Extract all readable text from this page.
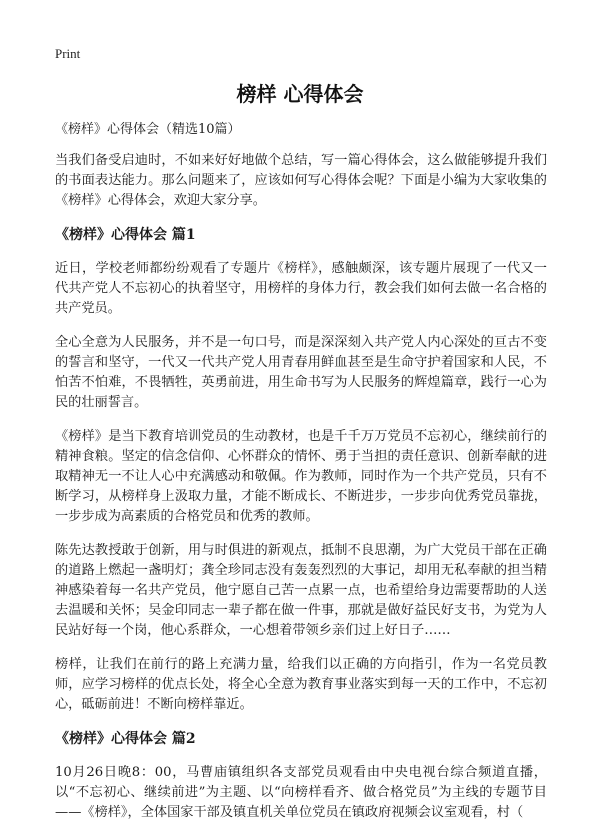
Print
榜样 心得体会
《榜样》心得体会（精选10篇）

当我们备受启迪时，不如来好好地做个总结，写一篇心得体会，这么做能够提升我们的书面表达能力。那么问题来了，应该如何写心得体会呢？下面是小编为大家收集的《榜样》心得体会，欢迎大家分享。

《榜样》心得体会 篇1

近日，学校老师都纷纷观看了专题片《榜样》，感触颇深，该专题片展现了一代又一代共产党人不忘初心的执着坚守，用榜样的身体力行，教会我们如何去做一名合格的共产党员。

全心全意为人民服务，并不是一句口号，而是深深刻入共产党人内心深处的亘古不变的誓言和坚守，一代又一代共产党人用青春用鲜血甚至是生命守护着国家和人民，不怕苦不怕难，不畏牺牲，英勇前进，用生命书写为人民服务的辉煌篇章，践行一心为民的壮丽誓言。

《榜样》是当下教育培训党员的生动教材，也是千千万万党员不忘初心，继续前行的精神食粮。坚定的信念信仰、心怀群众的情怀、勇于当担的责任意识、创新奉献的进取精神无一不让人心中充满感动和敬佩。作为教师，同时作为一个共产党员，只有不断学习，从榜样身上汲取力量，才能不断成长、不断进步，一步步向优秀党员靠拢，一步步成为高素质的合格党员和优秀的教师。

陈先达教授敢于创新，用与时俱进的新观点，抵制不良思潮，为广大党员干部在正确的道路上燃起一盏明灯；龚全珍同志没有轰轰烈烈的大事记，却用无私奉献的担当精神感染着每一名共产党员，他宁愿自己苦一点累一点，也希望给身边需要帮助的人送去温暖和关怀；吴金印同志一辈子都在做一件事，那就是做好益民好支书，为党为人民站好每一个岗，他心系群众，一心想着带领乡亲们过上好日子……

榜样，让我们在前行的路上充满力量，给我们以正确的方向指引，作为一名党员教师，应学习榜样的优点长处，将全心全意为教育事业落实到每一天的工作中，不忘初心，砥砺前进！不断向榜样靠近。

《榜样》心得体会 篇2

10月26日晚8：00，马曹庙镇组织各支部党员观看由中央电视台综合频道直播，以“不忘初心、继续前进”为主题、以“向榜样看齐、做合格党员”为主线的专题节目——《榜样》，全体国家干部及镇直机关单位党员在镇政府视频会议室观看，村（
